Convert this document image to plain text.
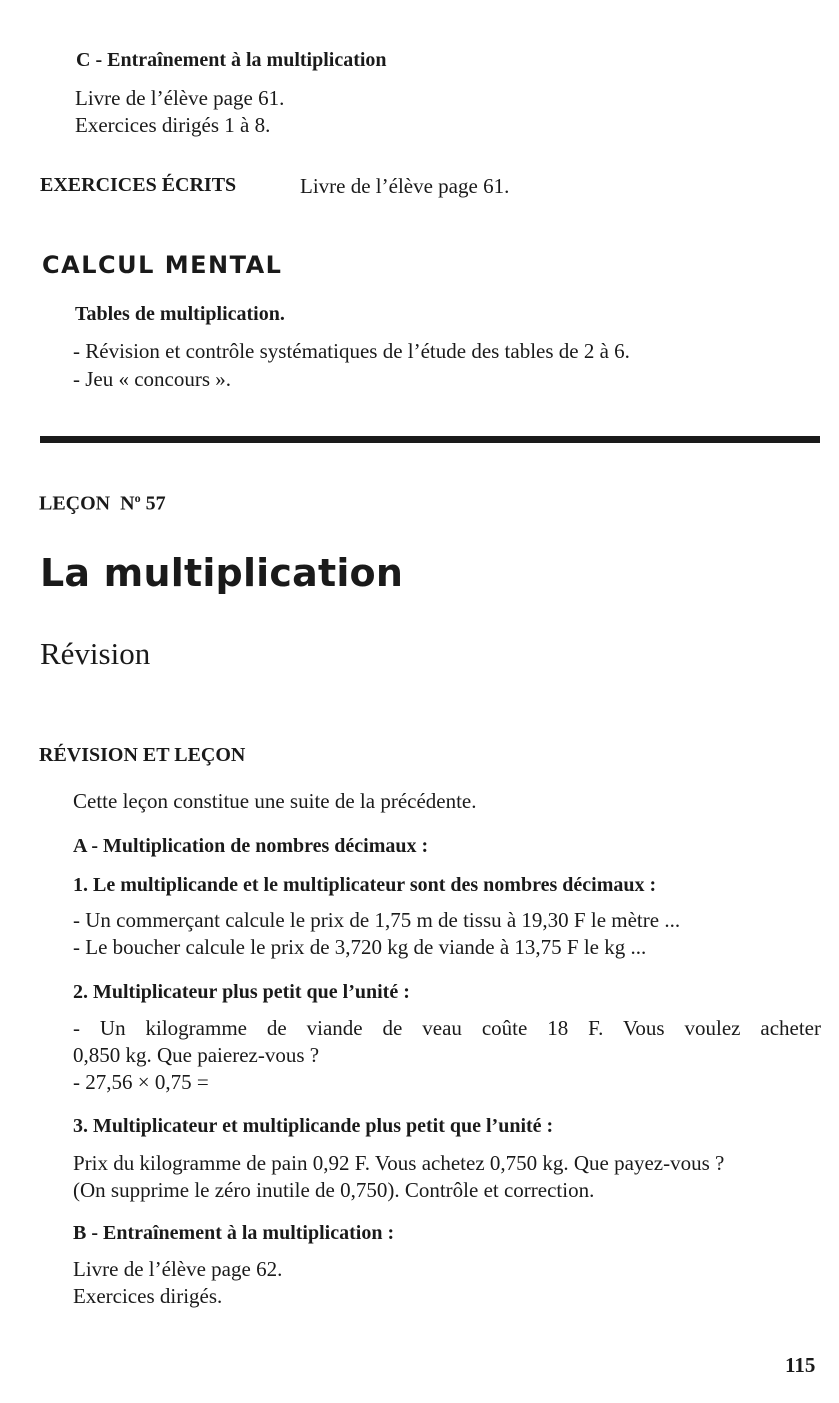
C - Entraînement à la multiplication
Livre de l’élève page 61.
Exercices dirigés 1 à 8.
EXERCICES ÉCRITS	Livre de l’élève page 61.
CALCUL MENTAL
Tables de multiplication.
- Révision et contrôle systématiques de l’étude des tables de 2 à 6.
- Jeu « concours ».
LEÇON $N^o$ 57
La multiplication
Révision
RÉVISION ET LEÇON
Cette leçon constitue une suite de la précédente.
A - Multiplication de nombres décimaux :
1. Le multiplicande et le multiplicateur sont des nombres décimaux :
- Un commerçant calcule le prix de 1,75 m de tissu à 19,30 F le mètre ...
- Le boucher calcule le prix de 3,720 kg de viande à 13,75 F le kg ...
2. Multiplicateur plus petit que l’unité :
- Un kilogramme de viande de veau coûte 18 F. Vous voulez acheter
0,850 kg. Que paierez-vous ?
- 27,56 × 0,75 =
3. Multiplicateur et multiplicande plus petit que l’unité :
Prix du kilogramme de pain 0,92 F. Vous achetez 0,750 kg. Que payez-vous ?
(On supprime le zéro inutile de 0,750). Contrôle et correction.
B - Entraînement à la multiplication :
Livre de l’élève page 62.
Exercices dirigés.
115
